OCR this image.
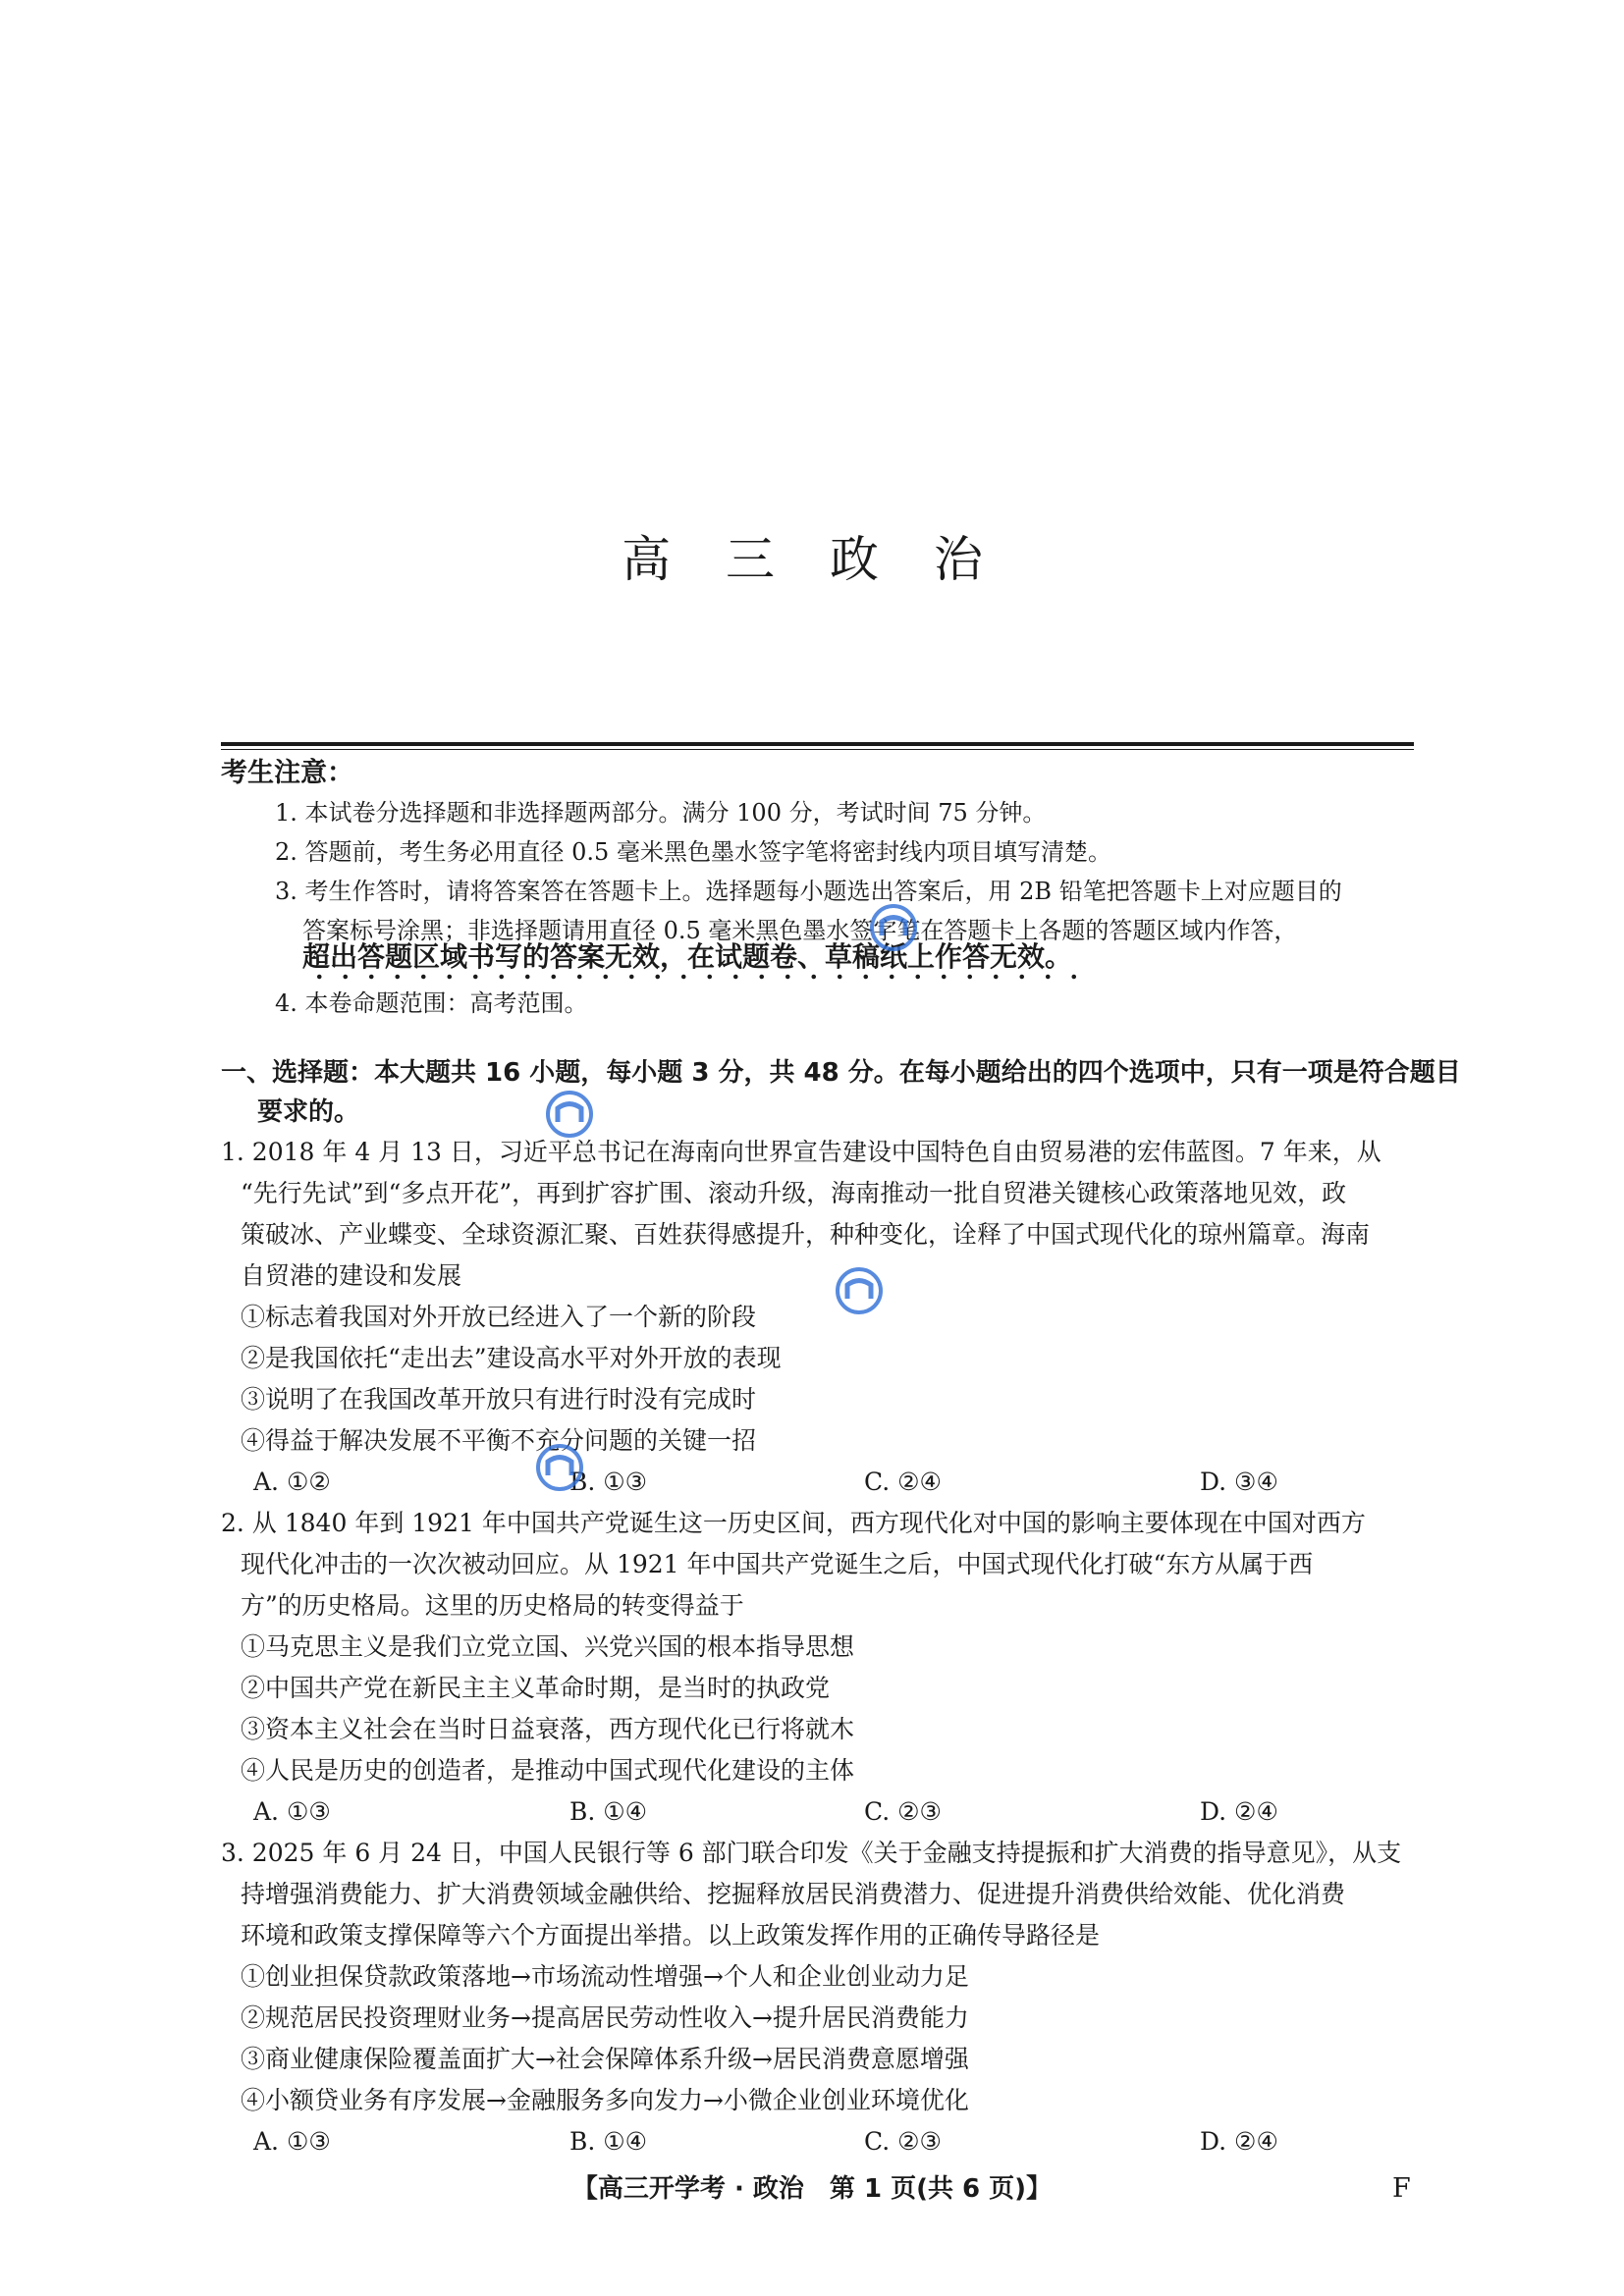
高 三 政 治
考生注意：
1. 本试卷分选择题和非选择题两部分。满分 100 分，考试时间 75 分钟。
2. 答题前，考生务必用直径 0.5 毫米黑色墨水签字笔将密封线内项目填写清楚。
3. 考生作答时，请将答案答在答题卡上。选择题每小题选出答案后，用 2B 铅笔把答题卡上对应题目的
答案标号涂黑；非选择题请用直径 0.5 毫米黑色墨水签字笔在答题卡上各题的答题区域内作答，
超出答题区域书写的答案无效，在试题卷、草稿纸上作答无效。
4. 本卷命题范围：高考范围。
一、选择题：本大题共 16 小题，每小题 3 分，共 48 分。在每小题给出的四个选项中，只有一项是符合题目
要求的。
1. 2018 年 4 月 13 日，习近平总书记在海南向世界宣告建设中国特色自由贸易港的宏伟蓝图。7 年来，从
“先行先试”到“多点开花”，再到扩容扩围、滚动升级，海南推动一批自贸港关键核心政策落地见效，政
策破冰、产业蝶变、全球资源汇聚、百姓获得感提升，种种变化，诠释了中国式现代化的琼州篇章。海南
自贸港的建设和发展
①标志着我国对外开放已经进入了一个新的阶段
②是我国依托“走出去”建设高水平对外开放的表现
③说明了在我国改革开放只有进行时没有完成时
④得益于解决发展不平衡不充分问题的关键一招
A. ①②	B. ①③	C. ②④	D. ③④
2. 从 1840 年到 1921 年中国共产党诞生这一历史区间，西方现代化对中国的影响主要体现在中国对西方
现代化冲击的一次次被动回应。从 1921 年中国共产党诞生之后，中国式现代化打破“东方从属于西
方”的历史格局。这里的历史格局的转变得益于
①马克思主义是我们立党立国、兴党兴国的根本指导思想
②中国共产党在新民主主义革命时期，是当时的执政党
③资本主义社会在当时日益衰落，西方现代化已行将就木
④人民是历史的创造者，是推动中国式现代化建设的主体
A. ①③	B. ①④	C. ②③	D. ②④
3. 2025 年 6 月 24 日，中国人民银行等 6 部门联合印发《关于金融支持提振和扩大消费的指导意见》，从支
持增强消费能力、扩大消费领域金融供给、挖掘释放居民消费潜力、促进提升消费供给效能、优化消费
环境和政策支撑保障等六个方面提出举措。以上政策发挥作用的正确传导路径是
①创业担保贷款政策落地→市场流动性增强→个人和企业创业动力足
②规范居民投资理财业务→提高居民劳动性收入→提升居民消费能力
③商业健康保险覆盖面扩大→社会保障体系升级→居民消费意愿增强
④小额贷业务有序发展→金融服务多向发力→小微企业创业环境优化
A. ①③	B. ①④	C. ②③	D. ②④
【高三开学考 · 政治　第 1 页(共 6 页)】	F
